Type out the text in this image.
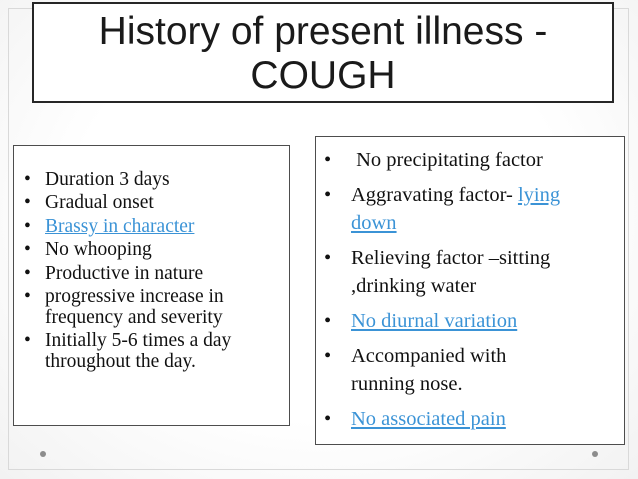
History of present illness -
COUGH
• Duration 3 days
• Gradual onset
• Brassy in character
• No whooping
• Productive in nature
• progressive increase in
frequency and severity
• Initially 5-6 times a day
throughout the day.
• No precipitating factor
• Aggravating factor- lying
down
• Relieving factor –sitting
,drinking water
• No diurnal variation
• Accompanied with
running nose.
• No associated pain
